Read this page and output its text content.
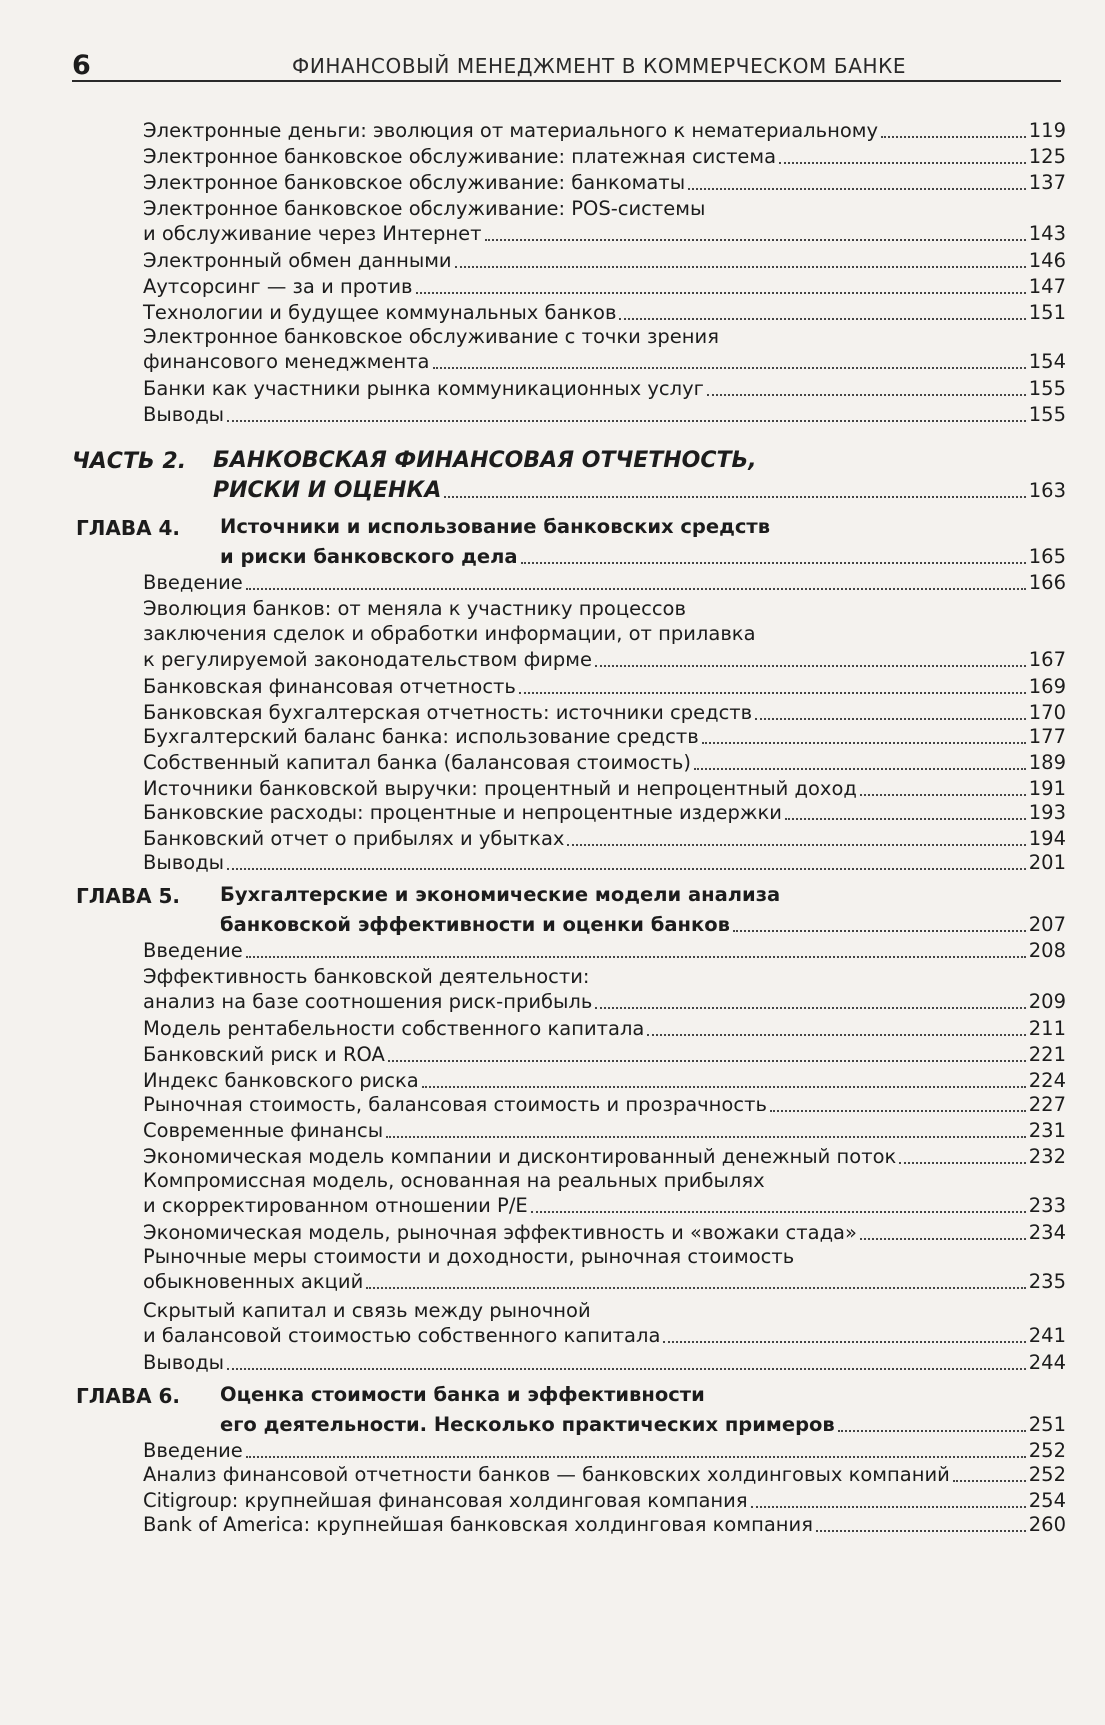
6	ФИНАНСОВЫЙ МЕНЕДЖМЕНТ В КОММЕРЧЕСКОМ БАНКЕ
Электронные деньги: эволюция от материального к нематериальному	119
Электронное банковское обслуживание: платежная система	125
Электронное банковское обслуживание: банкоматы	137
Электронное банковское обслуживание: POS-системы
и обслуживание через Интернет	143
Электронный обмен данными	146
Аутсорсинг — за и против	147
Технологии и будущее коммунальных банков	151
Электронное банковское обслуживание с точки зрения
финансового менеджмента	154
Банки как участники рынка коммуникационных услуг	155
Выводы	155
ЧАСТЬ 2. БАНКОВСКАЯ ФИНАНСОВАЯ ОТЧЕТНОСТЬ,
РИСКИ И ОЦЕНКА	163
ГЛАВА 4. Источники и использование банковских средств
и риски банковского дела	165
Введение	166
Эволюция банков: от меняла к участнику процессов
заключения сделок и обработки информации, от прилавка
к регулируемой законодательством фирме	167
Банковская финансовая отчетность	169
Банковская бухгалтерская отчетность: источники средств	170
Бухгалтерский баланс банка: использование средств	177
Собственный капитал банка (балансовая стоимость)	189
Источники банковской выручки: процентный и непроцентный доход	191
Банковские расходы: процентные и непроцентные издержки	193
Банковский отчет о прибылях и убытках	194
Выводы	201
ГЛАВА 5. Бухгалтерские и экономические модели анализа
банковской эффективности и оценки банков	207
Введение	208
Эффективность банковской деятельности:
анализ на базе соотношения риск-прибыль	209
Модель рентабельности собственного капитала	211
Банковский риск и ROA	221
Индекс банковского риска	224
Рыночная стоимость, балансовая стоимость и прозрачность	227
Современные финансы	231
Экономическая модель компании и дисконтированный денежный поток	232
Компромиссная модель, основанная на реальных прибылях
и скорректированном отношении P/E	233
Экономическая модель, рыночная эффективность и «вожаки стада»	234
Рыночные меры стоимости и доходности, рыночная стоимость
обыкновенных акций	235
Скрытый капитал и связь между рыночной
и балансовой стоимостью собственного капитала	241
Выводы	244
ГЛАВА 6. Оценка стоимости банка и эффективности
его деятельности. Несколько практических примеров	251
Введение	252
Анализ финансовой отчетности банков — банковских холдинговых компаний	252
Citigroup: крупнейшая финансовая холдинговая компания	254
Bank of America: крупнейшая банковская холдинговая компания	260
